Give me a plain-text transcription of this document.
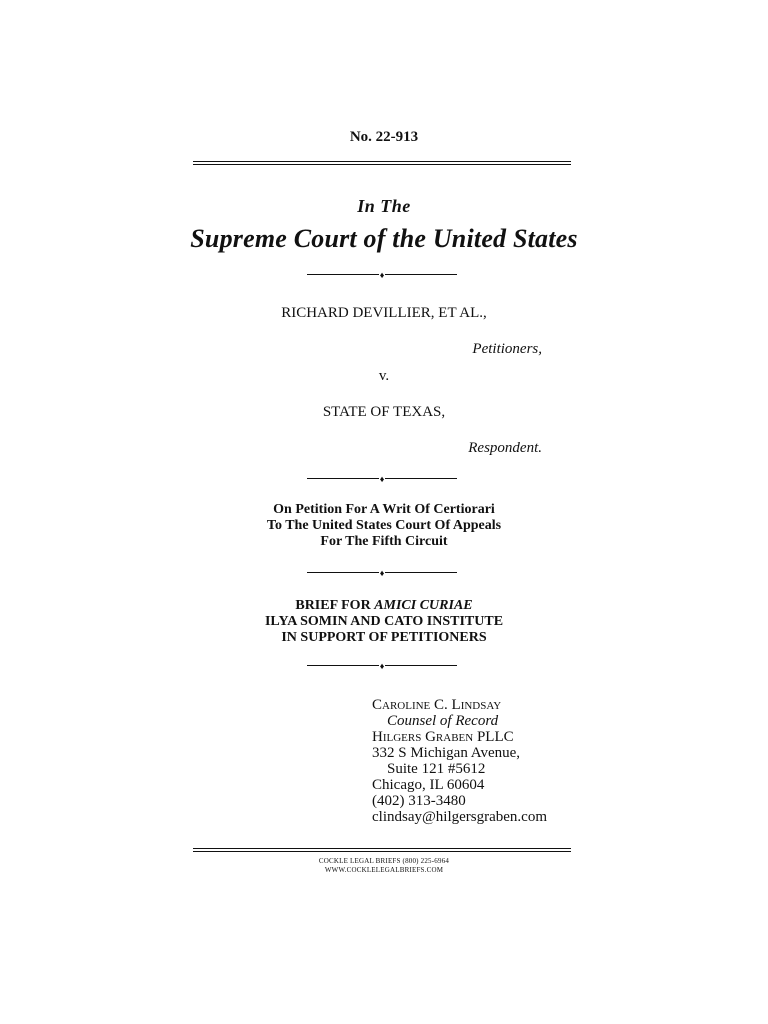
No. 22-913
In The
Supreme Court of the United States
♦
RICHARD DEVILLIER, ET AL.,
Petitioners,
v.
STATE OF TEXAS,
Respondent.
♦
On Petition For A Writ Of Certiorari
To The United States Court Of Appeals
For The Fifth Circuit
♦
BRIEF FOR AMICI CURIAE
ILYA SOMIN AND CATO INSTITUTE
IN SUPPORT OF PETITIONERS
♦
Caroline C. Lindsay
Counsel of Record
Hilgers Graben PLLC
332 S Michigan Avenue,
Suite 121 #5612
Chicago, IL 60604
(402) 313-3480
clindsay@hilgersgraben.com
COCKLE LEGAL BRIEFS (800) 225-6964
WWW.COCKLELEGALBRIEFS.COM
